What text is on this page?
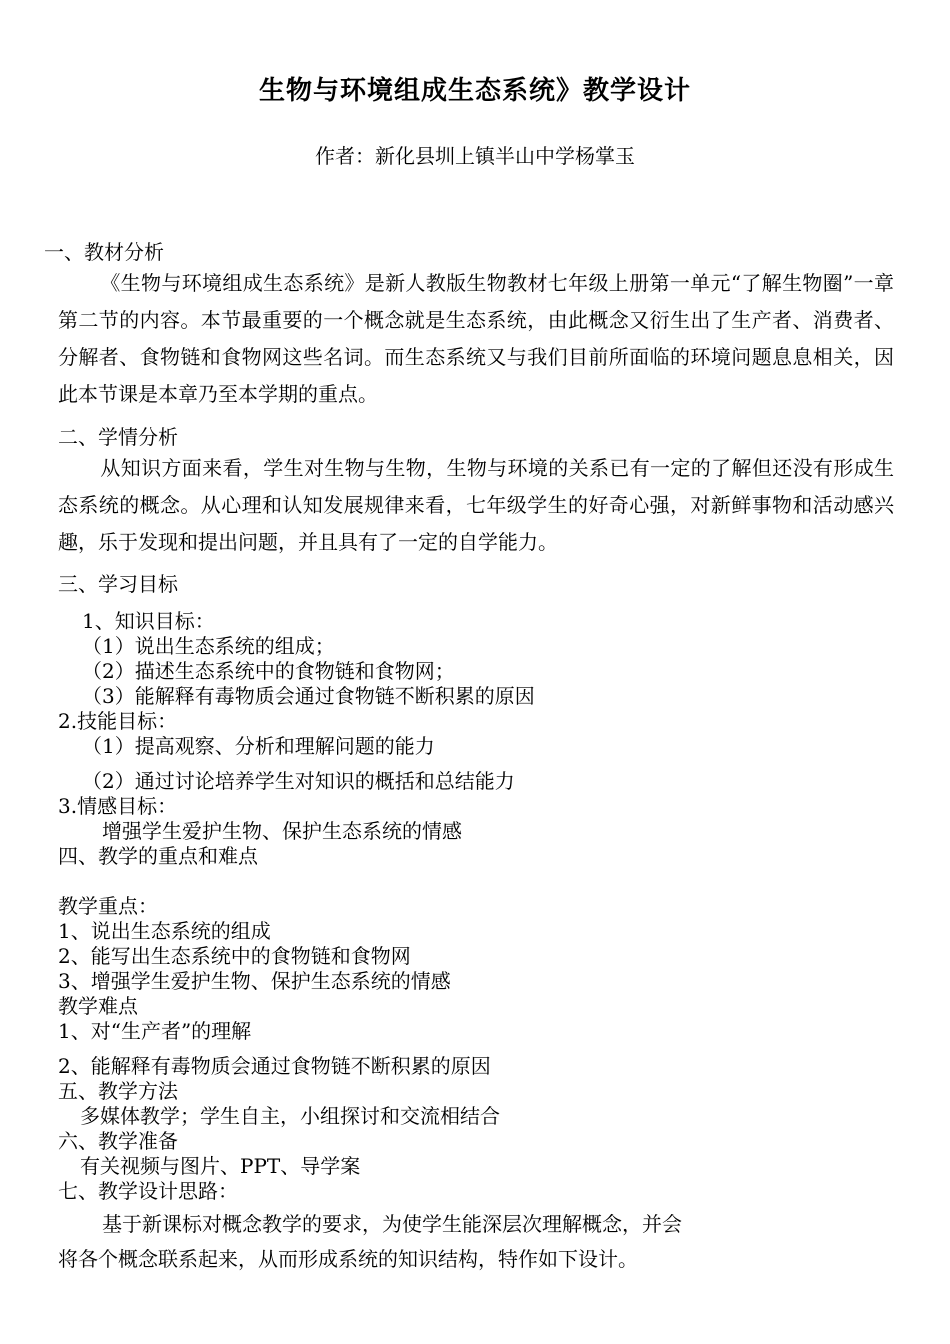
生物与环境组成生态系统》教学设计
作者：新化县圳上镇半山中学杨掌玉
一、教材分析
《生物与环境组成生态系统》是新人教版生物教材七年级上册第一单元“了解生物圈”一章第二节的内容。本节最重要的一个概念就是生态系统，由此概念又衍生出了生产者、消费者、分解者、食物链和食物网这些名词。而生态系统又与我们目前所面临的环境问题息息相关，因此本节课是本章乃至本学期的重点。
二、学情分析
从知识方面来看，学生对生物与生物，生物与环境的关系已有一定的了解但还没有形成生态系统的概念。从心理和认知发展规律来看，七年级学生的好奇心强，对新鲜事物和活动感兴趣，乐于发现和提出问题，并且具有了一定的自学能力。
三、学习目标
1、知识目标：
（1）说出生态系统的组成；
（2）描述生态系统中的食物链和食物网；
（3）能解释有毒物质会通过食物链不断积累的原因
2.技能目标：
（1）提高观察、分析和理解问题的能力
（2）通过讨论培养学生对知识的概括和总结能力
3.情感目标：
增强学生爱护生物、保护生态系统的情感
四、教学的重点和难点
教学重点：
1、说出生态系统的组成
2、能写出生态系统中的食物链和食物网
3、增强学生爱护生物、保护生态系统的情感
教学难点
1、对“生产者”的理解
2、能解释有毒物质会通过食物链不断积累的原因
五、教学方法
多媒体教学；学生自主，小组探讨和交流相结合
六、教学准备
有关视频与图片、PPT、导学案
七、教学设计思路：
基于新课标对概念教学的要求，为使学生能深层次理解概念，并会
将各个概念联系起来，从而形成系统的知识结构，特作如下设计。
